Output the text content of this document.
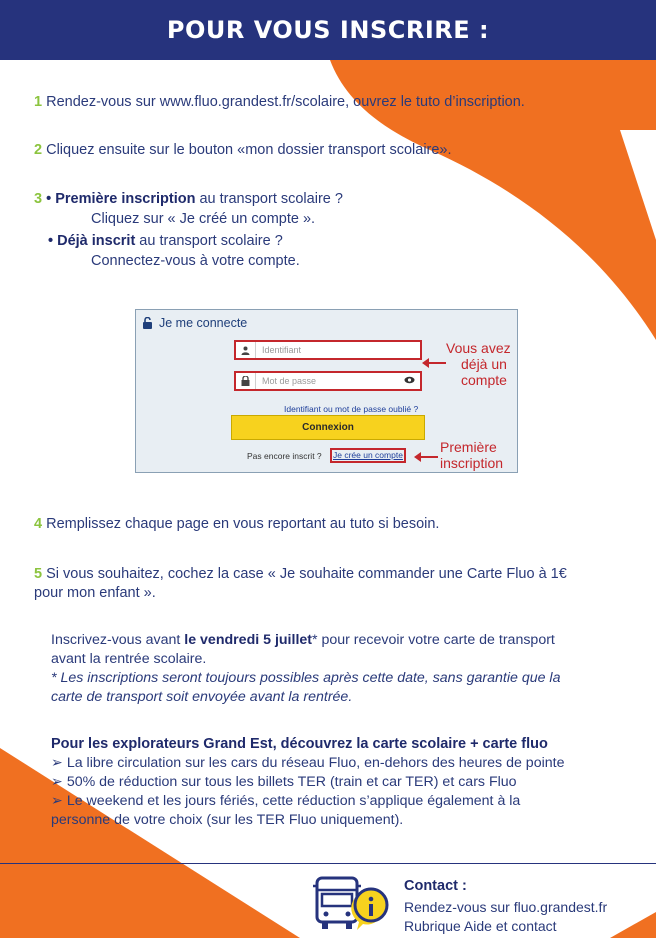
POUR VOUS INSCRIRE :
1 Rendez-vous sur www.fluo.grandest.fr/scolaire, ouvrez le tuto d’inscription.
2 Cliquez ensuite sur le bouton «mon dossier transport scolaire».
3 • Première inscription au transport scolaire ?
Cliquez sur « Je créé un compte ».
• Déjà inscrit au transport scolaire ?
Connectez-vous à votre compte.
Je me connecte
Identifiant
Mot de passe
Identifiant ou mot de passe oublié ?
Connexion
Pas encore inscrit ?	Je crée un compte
Vous avez
déjà un
compte
Première
inscription
4 Remplissez chaque page en vous reportant au tuto si besoin.
5 Si vous souhaitez, cochez la case « Je souhaite commander une Carte Fluo à 1€
pour mon enfant ».
Inscrivez-vous avant le vendredi 5 juillet* pour recevoir votre carte de transport
avant la rentrée scolaire.
* Les inscriptions seront toujours possibles après cette date, sans garantie que la
carte de transport soit envoyée avant la rentrée.
Pour les explorateurs Grand Est, découvrez la carte scolaire + carte fluo
➢ La libre circulation sur les cars du réseau Fluo, en-dehors des heures de pointe
➢ 50% de réduction sur tous les billets TER (train et car TER) et cars Fluo
➢ Le weekend et les jours fériés, cette réduction s’applique également à la
personne de votre choix (sur les TER Fluo uniquement).
Contact :
Rendez-vous sur fluo.grandest.fr
Rubrique Aide et contact
